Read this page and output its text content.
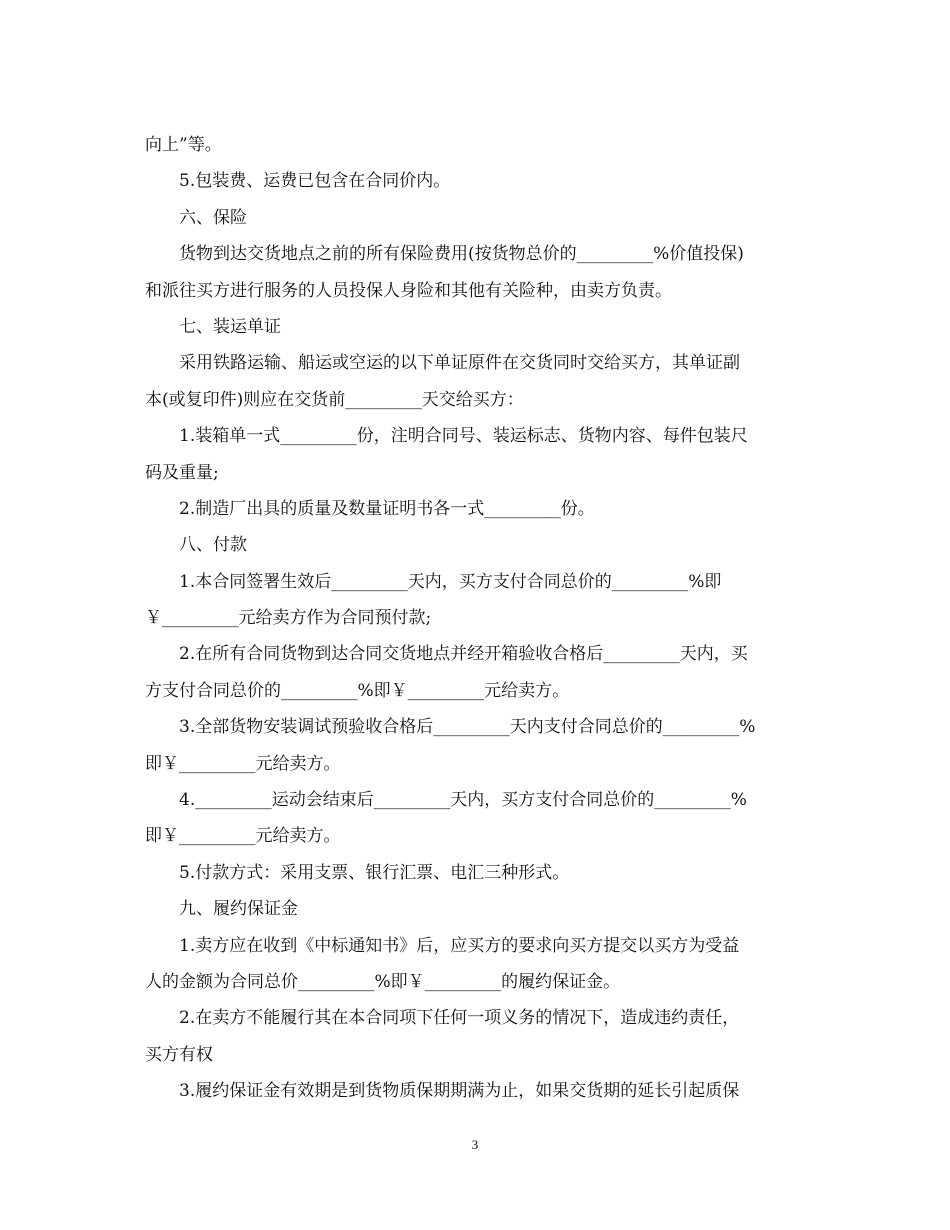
向上”等。

5.包装费、运费已包含在合同价内。

六、保险

货物到达交货地点之前的所有保险费用(按货物总价的_________%价值投保)

和派往买方进行服务的人员投保人身险和其他有关险种，由卖方负责。

七、装运单证

采用铁路运输、船运或空运的以下单证原件在交货同时交给买方，其单证副

本(或复印件)则应在交货前_________天交给买方：

1.装箱单一式_________份，注明合同号、装运标志、货物内容、每件包装尺

码及重量;

2.制造厂出具的质量及数量证明书各一式_________份。

八、付款

1.本合同签署生效后_________天内，买方支付合同总价的_________%即

￥_________元给卖方作为合同预付款;

2.在所有合同货物到达合同交货地点并经开箱验收合格后_________天内，买

方支付合同总价的_________%即￥_________元给卖方。

3.全部货物安装调试预验收合格后_________天内支付合同总价的_________%

即￥_________元给卖方。

4._________运动会结束后_________天内，买方支付合同总价的_________%

即￥_________元给卖方。

5.付款方式：采用支票、银行汇票、电汇三种形式。

九、履约保证金

1.卖方应在收到《中标通知书》后，应买方的要求向买方提交以买方为受益

人的金额为合同总价_________%即￥_________的履约保证金。

2.在卖方不能履行其在本合同项下任何一项义务的情况下，造成违约责任，

买方有权

3.履约保证金有效期是到货物质保期期满为止，如果交货期的延长引起质保

3
